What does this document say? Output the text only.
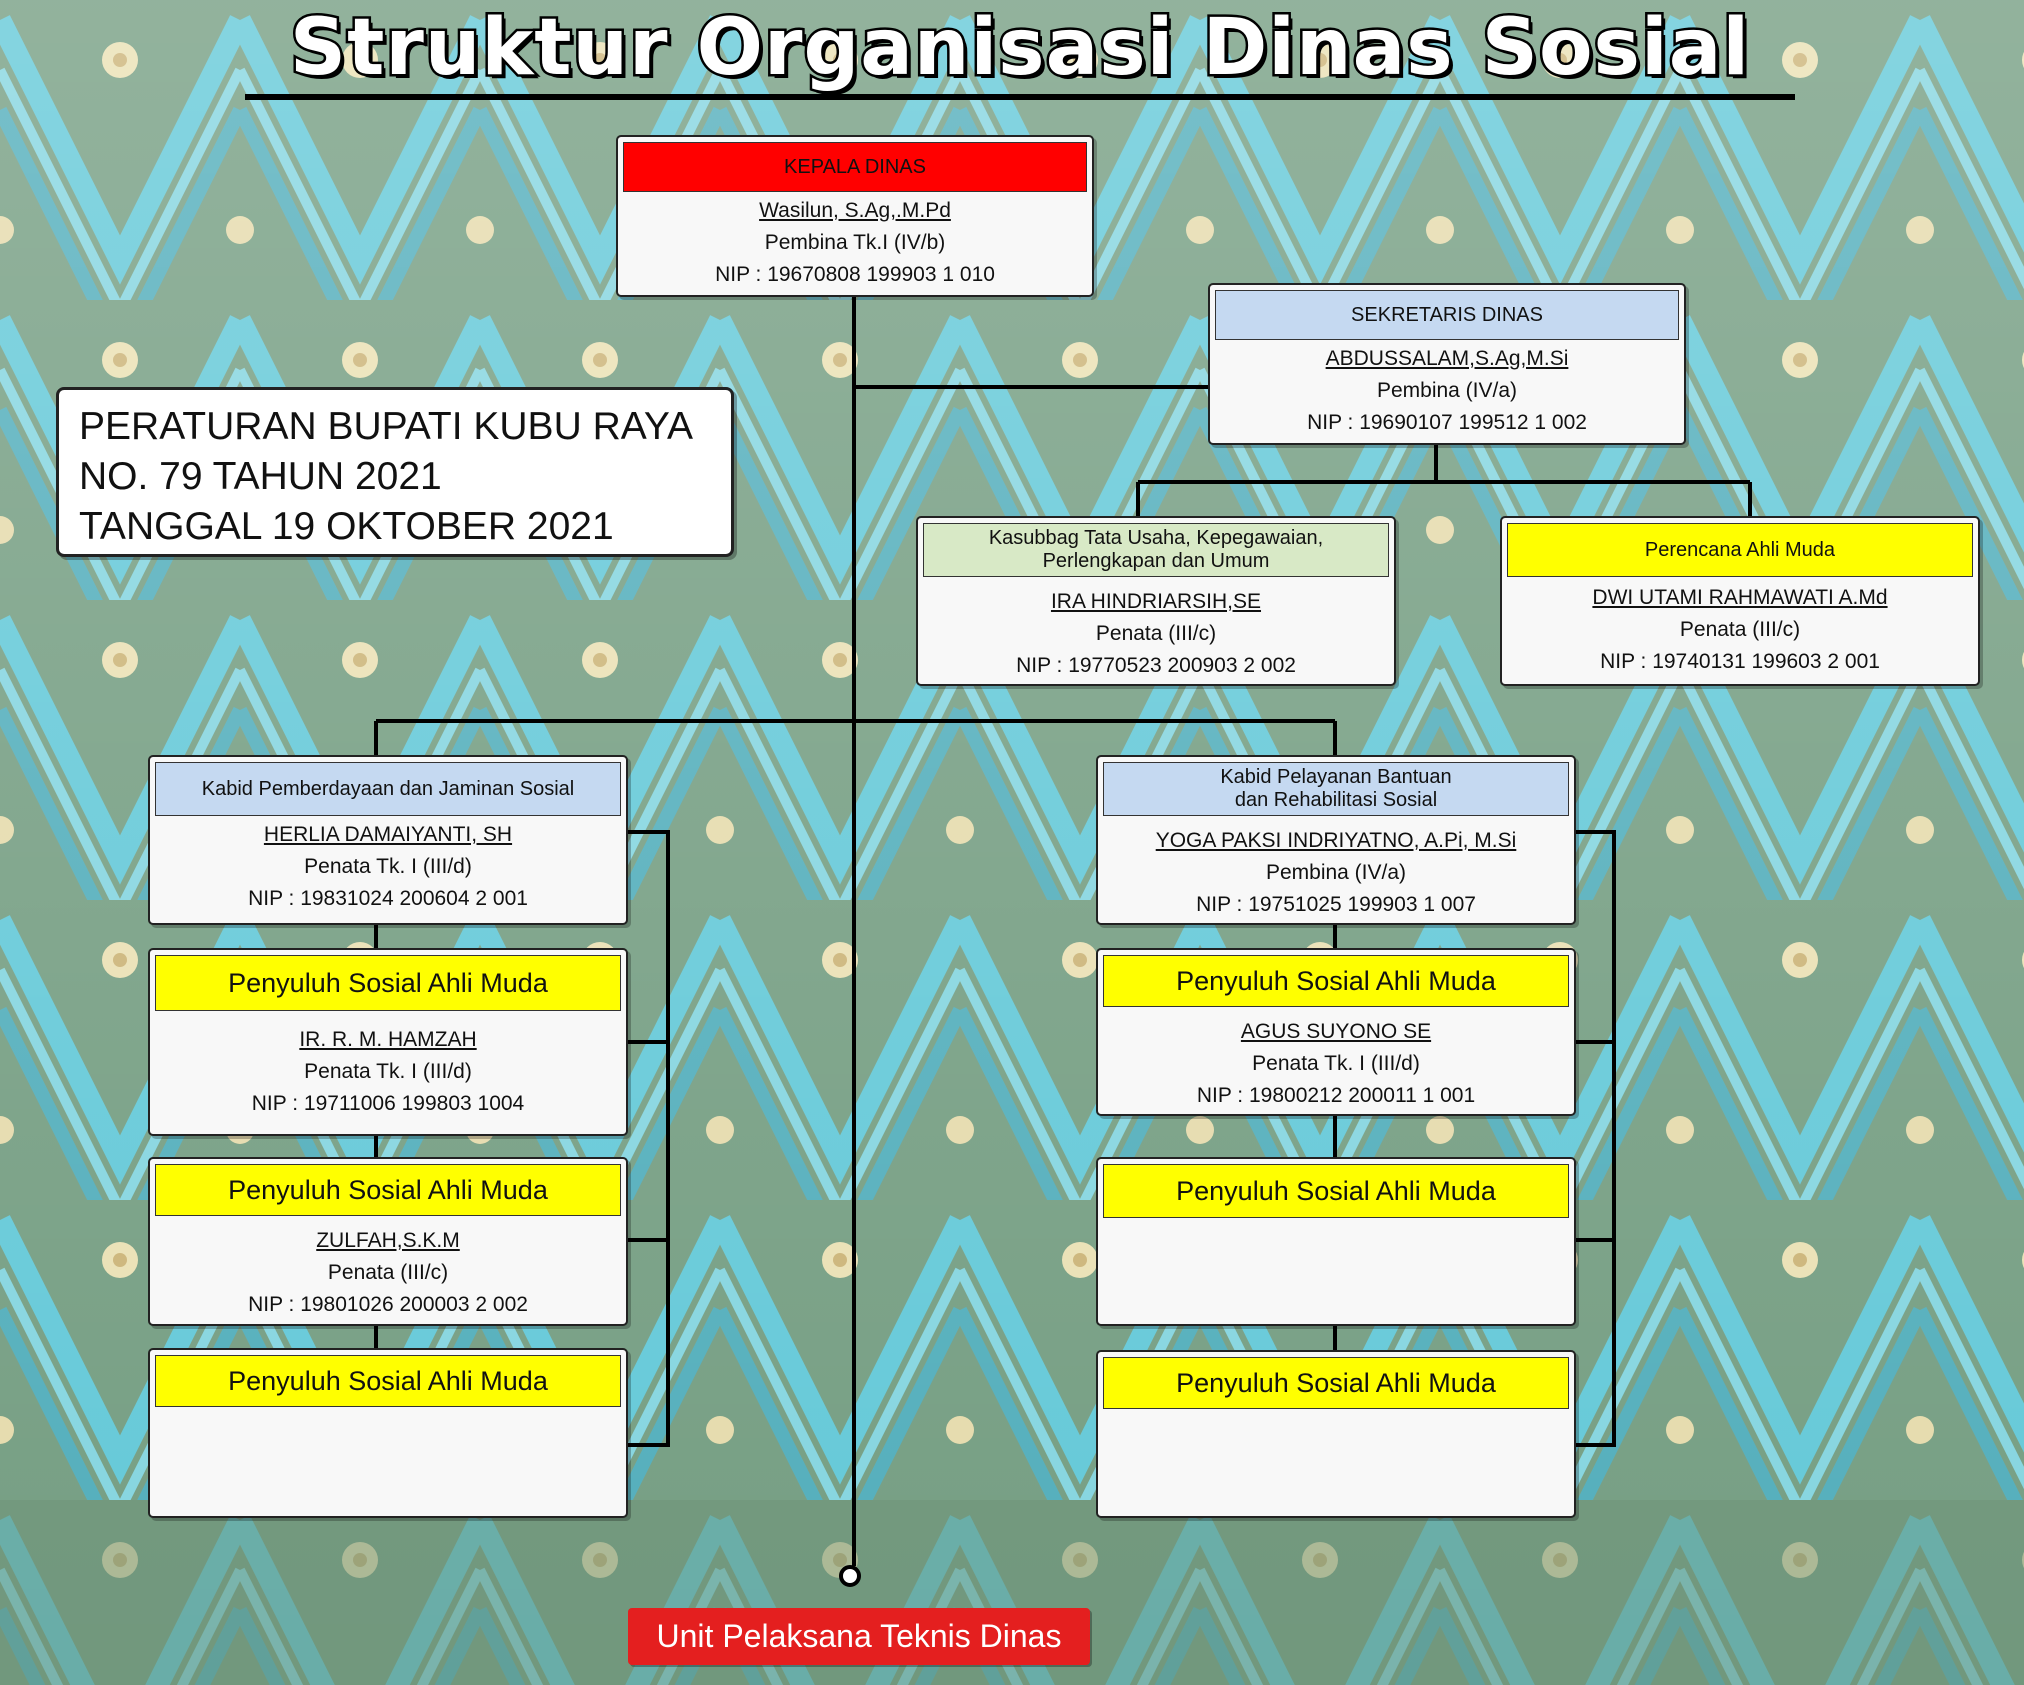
Struktur Organisasi Dinas Sosial
KEPALA DINAS
Wasilun, S.Ag,.M.Pd
Pembina Tk.I (IV/b)
NIP : 19670808 199903 1 010
SEKRETARIS DINAS
ABDUSSALAM,S.Ag,M.Si
Pembina (IV/a)
NIP : 19690107 199512 1 002
PERATURAN BUPATI KUBU RAYA
NO. 79 TAHUN 2021
TANGGAL 19 OKTOBER 2021	Kasubbag Tata Usaha, Kepegawaian,
Perlengkapan dan Umum
IRA HINDRIARSIH,SE
Penata (III/c)
NIP : 19770523 200903 2 002
Perencana Ahli Muda
DWI UTAMI RAHMAWATI A.Md
Penata (III/c)
NIP : 19740131 199603 2 001
Kabid Pemberdayaan dan Jaminan Sosial
HERLIA DAMAIYANTI, SH
Penata Tk. I (III/d)
NIP : 19831024 200604 2 001
Kabid Pelayanan Bantuan
dan Rehabilitasi Sosial
YOGA PAKSI INDRIYATNO, A.Pi, M.Si
Pembina (IV/a)
NIP : 19751025 199903 1 007
Penyuluh Sosial Ahli Muda
IR. R. M. HAMZAH
Penata Tk. I (III/d)
NIP : 19711006 199803 1004
Penyuluh Sosial Ahli Muda
ZULFAH,S.K.M
Penata (III/c)
NIP : 19801026 200003 2 002
Penyuluh Sosial Ahli Muda
Penyuluh Sosial Ahli Muda
AGUS SUYONO SE
Penata Tk. I (III/d)
NIP : 19800212 200011 1 001
Penyuluh Sosial Ahli Muda
Penyuluh Sosial Ahli Muda
Unit Pelaksana Teknis Dinas
